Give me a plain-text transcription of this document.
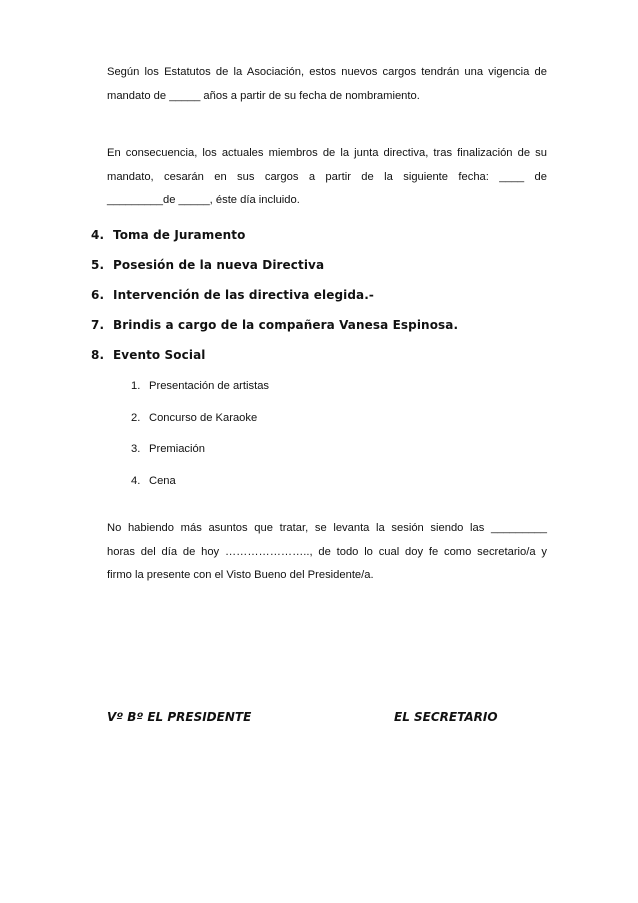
Según los Estatutos de la Asociación, estos nuevos cargos tendrán una vigencia de
mandato de _____ años a partir de su fecha de nombramiento.

En consecuencia, los actuales miembros de la junta directiva, tras finalización de su
mandato, cesarán en sus cargos a partir de la siguiente fecha: ____ de
_________de _____, éste día incluido.

4. Toma de Juramento
5. Posesión de la nueva Directiva
6. Intervención de las directiva elegida.-
7. Brindis a cargo de la compañera Vanesa Espinosa.
8. Evento Social
1. Presentación de artistas
2. Concurso de Karaoke
3. Premiación
4. Cena

No habiendo más asuntos que tratar, se levanta la sesión siendo las _________
horas del día de hoy ………………….., de todo lo cual doy fe como secretario/a y
firmo la presente con el Visto Bueno del Presidente/a.

Vº Bº EL PRESIDENTE	EL SECRETARIO
